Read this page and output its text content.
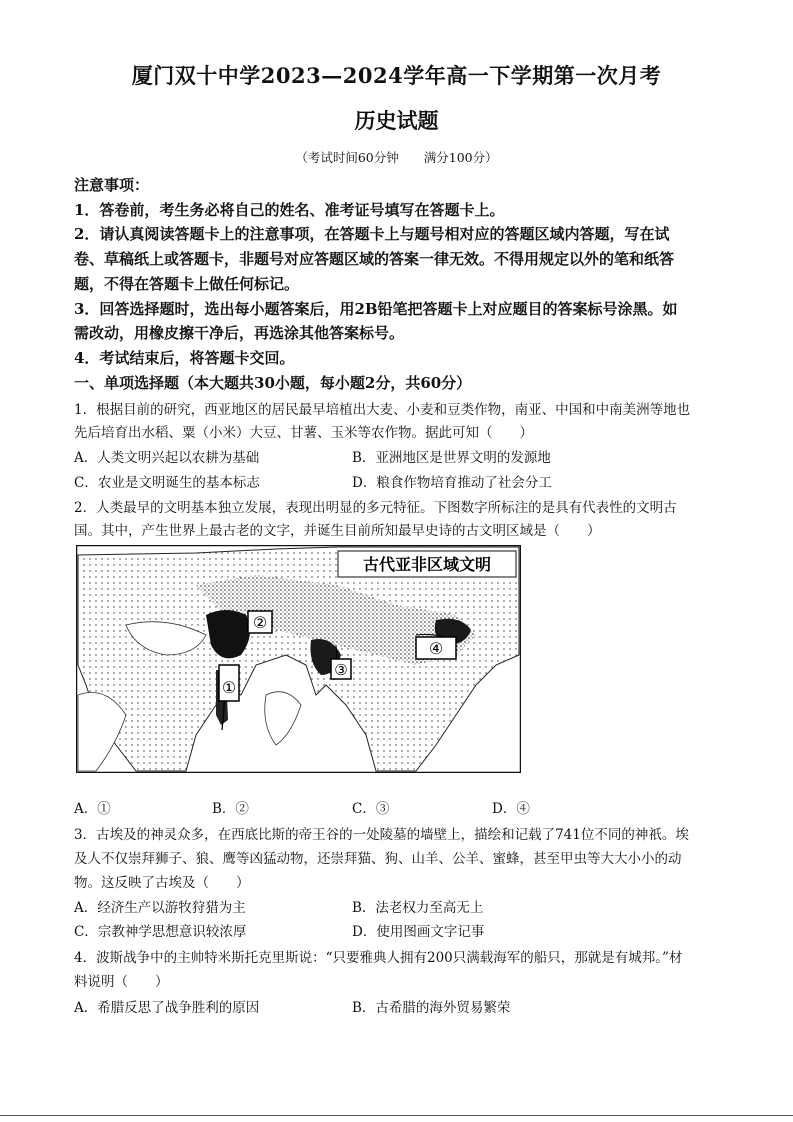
厦门双十中学2023—2024学年高一下学期第一次月考
历史试题
（考试时间60分钟　　满分100分）
注意事项：
1．答卷前，考生务必将自己的姓名、准考证号填写在答题卡上。
2．请认真阅读答题卡上的注意事项，在答题卡上与题号相对应的答题区域内答题，写在试
卷、草稿纸上或答题卡，非题号对应答题区域的答案一律无效。不得用规定以外的笔和纸答
题，不得在答题卡上做任何标记。
3．回答选择题时，选出每小题答案后，用2B铅笔把答题卡上对应题目的答案标号涂黑。如
需改动，用橡皮擦干净后，再选涂其他答案标号。
4．考试结束后，将答题卡交回。
一、单项选择题（本大题共30小题，每小题2分，共60分）
1．根据目前的研究，西亚地区的居民最早培植出大麦、小麦和豆类作物，南亚、中国和中南美洲等地也
先后培育出水稻、粟（小米）大豆、甘薯、玉米等农作物。据此可知（　　）
A．人类文明兴起以农耕为基础	B．亚洲地区是世界文明的发源地
C．农业是文明诞生的基本标志	D．粮食作物培育推动了社会分工
2．人类最早的文明基本独立发展，表现出明显的多元特征。下图数字所标注的是具有代表性的文明古
国。其中，产生世界上最古老的文字，并诞生目前所知最早史诗的古文明区域是（　　）
古代亚非区域文明
①
②
③
④
A．①	B．②	C．③	D．④
3．古埃及的神灵众多，在西底比斯的帝王谷的一处陵墓的墙壁上，描绘和记载了741位不同的神祇。埃
及人不仅崇拜狮子、狼、鹰等凶猛动物，还崇拜猫、狗、山羊、公羊、蜜蜂，甚至甲虫等大大小小的动
物。这反映了古埃及（　　）
A．经济生产以游牧狩猎为主	B．法老权力至高无上
C．宗教神学思想意识较浓厚	D．使用图画文字记事
4．波斯战争中的主帅特米斯托克里斯说：“只要雅典人拥有200只满载海军的船只，那就是有城邦。”材
料说明（　　）
A．希腊反思了战争胜利的原因	B．古希腊的海外贸易繁荣
